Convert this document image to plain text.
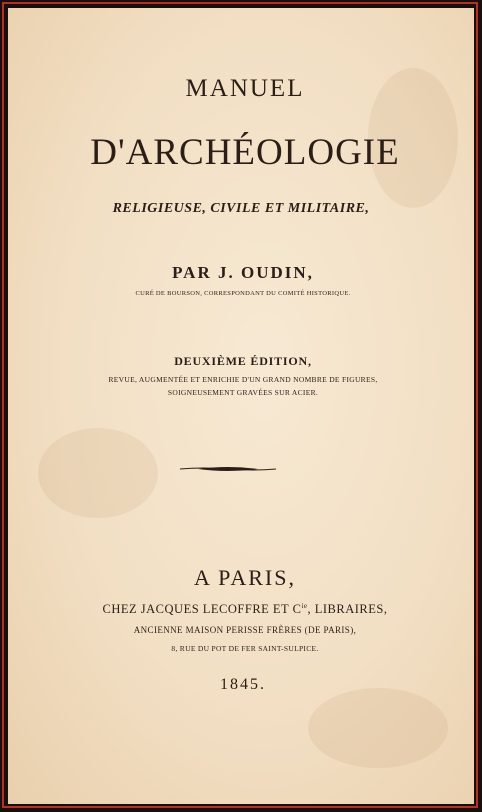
MANUEL
D'ARCHÉOLOGIE
RELIGIEUSE, CIVILE ET MILITAIRE,
PAR J. OUDIN,
CURÉ DE BOURSON, CORRESPONDANT DU COMITÉ HISTORIQUE.
DEUXIÈME ÉDITION,
REVUE, AUGMENTÉE ET ENRICHIE D'UN GRAND NOMBRE DE FIGURES,
SOIGNEUSEMENT GRAVÉES SUR ACIER.
A PARIS,
CHEZ JACQUES LECOFFRE ET $C^{ie}$, LIBRAIRES,
ANCIENNE MAISON PERISSE FRÈRES (DE PARIS),
8, RUE DU POT DE FER SAINT-SULPICE.
1845.
